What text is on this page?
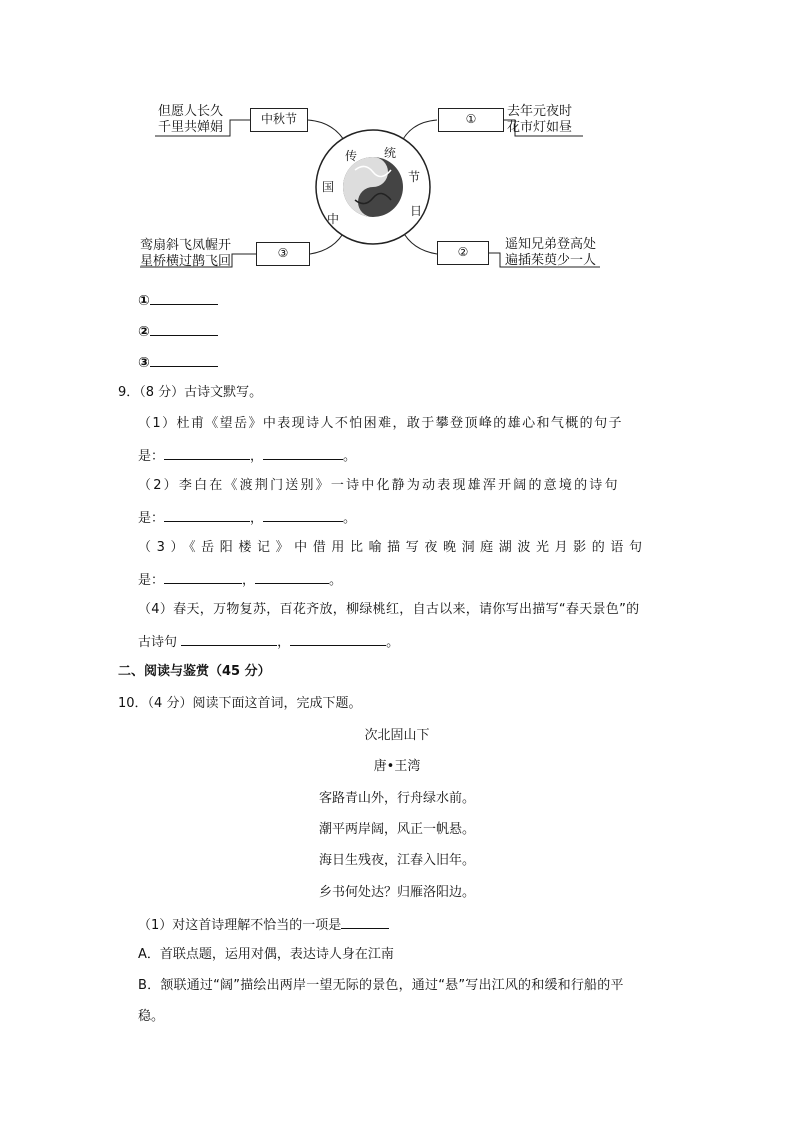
中
国
传 统
节
日
但愿人长久
千里共婵娟
中秋节	①	去年元夜时
花市灯如昼
鸾扇斜飞凤幄开
星桥横过鹊飞回
③	②	遥知兄弟登高处
遍插茱萸少一人
①
②
③
9．（8 分）古诗文默写。
（1）杜甫《望岳》中表现诗人不怕困难，敢于攀登顶峰的雄心和气概的句子
是：	，	。
（2）李白在《渡荆门送别》一诗中化静为动表现雄浑开阔的意境的诗句
是：	，	。
（3）《岳阳楼记》中借用比喻描写夜晚洞庭湖波光月影的语句
是：	，	。
（4）春天，万物复苏，百花齐放，柳绿桃红，自古以来，请你写出描写“春天景色”的
古诗句	，	。
二、阅读与鉴赏（45 分）
10．（4 分）阅读下面这首词，完成下题。
次北固山下
唐•王湾
客路青山外，行舟绿水前。
潮平两岸阔，风正一帆悬。
海日生残夜，江春入旧年。
乡书何处达？归雁洛阳边。
（1）对这首诗理解不恰当的一项是
A．首联点题，运用对偶，表达诗人身在江南
B．颔联通过“阔”描绘出两岸一望无际的景色，通过“悬”写出江风的和缓和行船的平
稳。
